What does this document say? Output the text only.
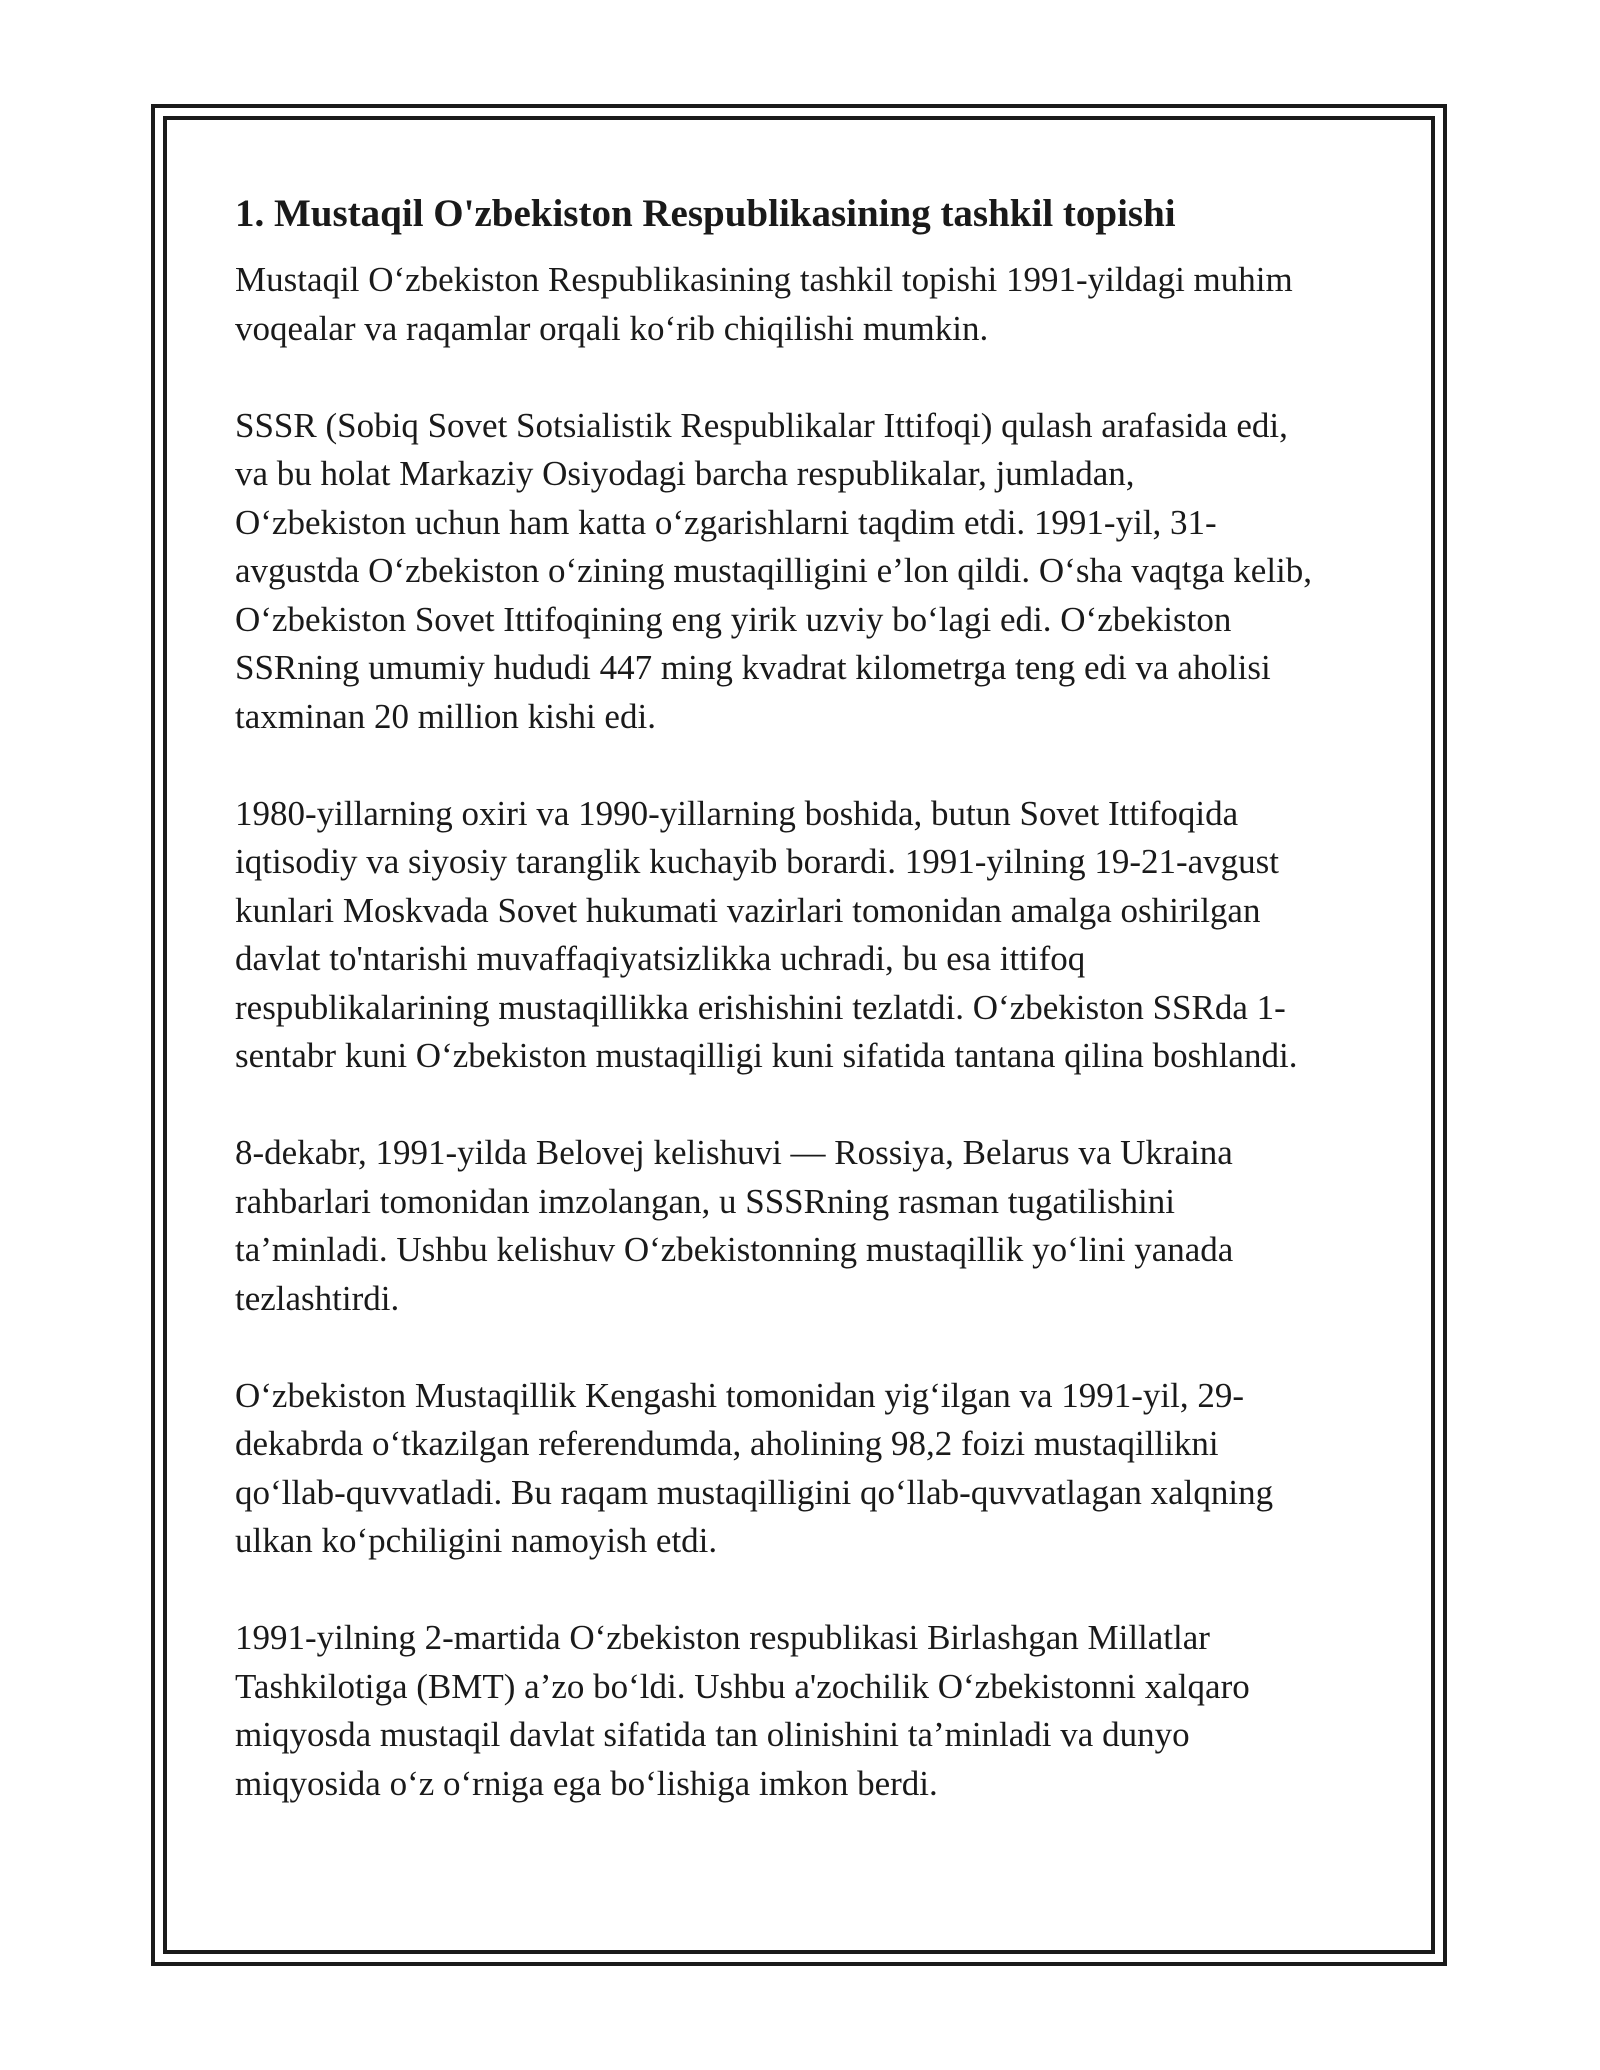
1. Mustaqil O'zbekiston Respublikasining tashkil topishi

Mustaqil O‘zbekiston Respublikasining tashkil topishi 1991-yildagi muhim
voqealar va raqamlar orqali ko‘rib chiqilishi mumkin.

SSSR (Sobiq Sovet Sotsialistik Respublikalar Ittifoqi) qulash arafasida edi,
va bu holat Markaziy Osiyodagi barcha respublikalar, jumladan,
O‘zbekiston uchun ham katta o‘zgarishlarni taqdim etdi. 1991-yil, 31-
avgustda O‘zbekiston o‘zining mustaqilligini e’lon qildi. O‘sha vaqtga kelib,
O‘zbekiston Sovet Ittifoqining eng yirik uzviy bo‘lagi edi. O‘zbekiston
SSRning umumiy hududi 447 ming kvadrat kilometrga teng edi va aholisi
taxminan 20 million kishi edi.

1980-yillarning oxiri va 1990-yillarning boshida, butun Sovet Ittifoqida
iqtisodiy va siyosiy taranglik kuchayib borardi. 1991-yilning 19-21-avgust
kunlari Moskvada Sovet hukumati vazirlari tomonidan amalga oshirilgan
davlat to'ntarishi muvaffaqiyatsizlikka uchradi, bu esa ittifoq
respublikalarining mustaqillikka erishishini tezlatdi. O‘zbekiston SSRda 1-
sentabr kuni O‘zbekiston mustaqilligi kuni sifatida tantana qilina boshlandi.

8-dekabr, 1991-yilda Belovej kelishuvi — Rossiya, Belarus va Ukraina
rahbarlari tomonidan imzolangan, u SSSRning rasman tugatilishini
ta’minladi. Ushbu kelishuv O‘zbekistonning mustaqillik yo‘lini yanada
tezlashtirdi.

O‘zbekiston Mustaqillik Kengashi tomonidan yig‘ilgan va 1991-yil, 29-
dekabrda o‘tkazilgan referendumda, aholining 98,2 foizi mustaqillikni
qo‘llab-quvvatladi. Bu raqam mustaqilligini qo‘llab-quvvatlagan xalqning
ulkan ko‘pchiligini namoyish etdi.

1991-yilning 2-martida O‘zbekiston respublikasi Birlashgan Millatlar
Tashkilotiga (BMT) a’zo bo‘ldi. Ushbu a'zochilik O‘zbekistonni xalqaro
miqyosda mustaqil davlat sifatida tan olinishini ta’minladi va dunyo
miqyosida o‘z o‘rniga ega bo‘lishiga imkon berdi.
